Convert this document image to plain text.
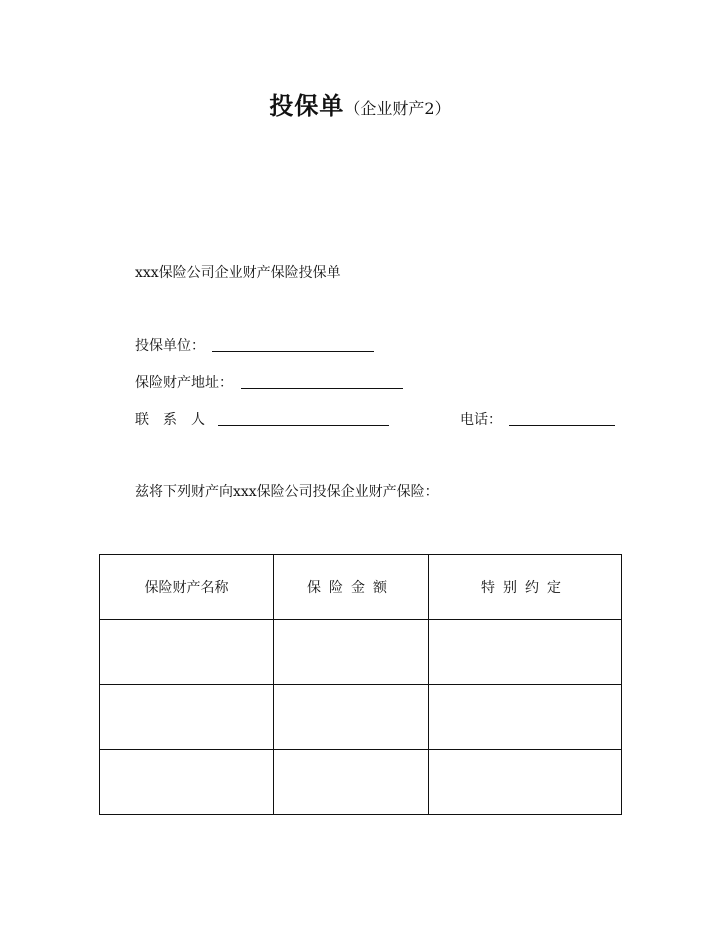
投保单（企业财产2）
xxx保险公司企业财产保险投保单
投保单位：
保险财产地址：
联系人	电话：
兹将下列财产向xxx保险公司投保企业财产保险：
保险财产名称	保险金额	特别约定
